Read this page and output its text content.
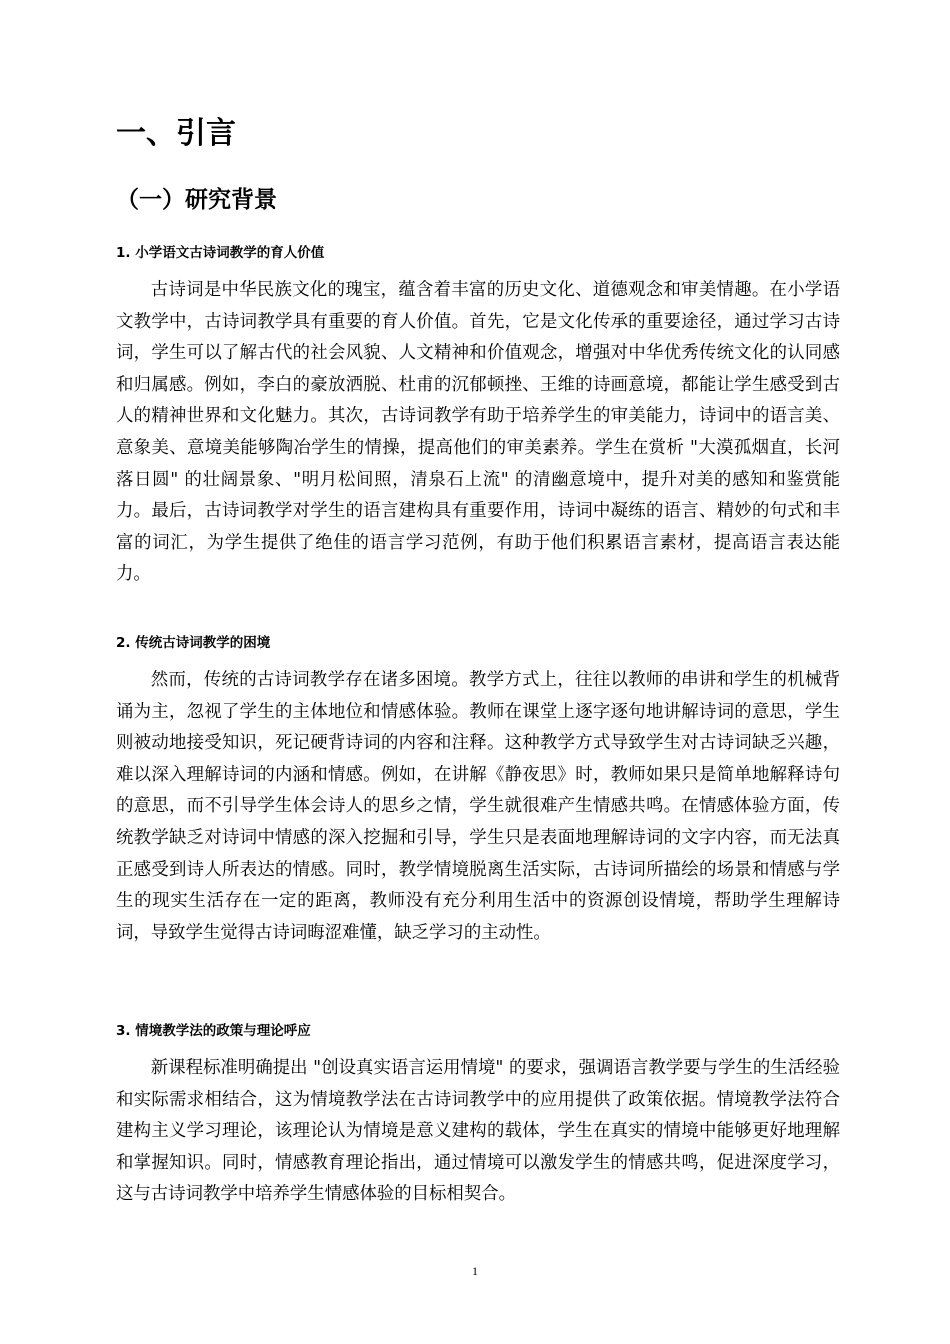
一、引言
（一）研究背景
1. 小学语文古诗词教学的育人价值

古诗词是中华民族文化的瑰宝，蕴含着丰富的历史文化、道德观念和审美情趣。在小学语文教学中，古诗词教学具有重要的育人价值。首先，它是文化传承的重要途径，通过学习古诗词，学生可以了解古代的社会风貌、人文精神和价值观念，增强对中华优秀传统文化的认同感和归属感。例如，李白的豪放洒脱、杜甫的沉郁顿挫、王维的诗画意境，都能让学生感受到古人的精神世界和文化魅力。其次，古诗词教学有助于培养学生的审美能力，诗词中的语言美、意象美、意境美能够陶冶学生的情操，提高他们的审美素养。学生在赏析 "大漠孤烟直，长河落日圆" 的壮阔景象、"明月松间照，清泉石上流" 的清幽意境中，提升对美的感知和鉴赏能力。最后，古诗词教学对学生的语言建构具有重要作用，诗词中凝练的语言、精妙的句式和丰富的词汇，为学生提供了绝佳的语言学习范例，有助于他们积累语言素材，提高语言表达能力。

2. 传统古诗词教学的困境

然而，传统的古诗词教学存在诸多困境。教学方式上，往往以教师的串讲和学生的机械背诵为主，忽视了学生的主体地位和情感体验。教师在课堂上逐字逐句地讲解诗词的意思，学生则被动地接受知识，死记硬背诗词的内容和注释。这种教学方式导致学生对古诗词缺乏兴趣，难以深入理解诗词的内涵和情感。例如，在讲解《静夜思》时，教师如果只是简单地解释诗句的意思，而不引导学生体会诗人的思乡之情，学生就很难产生情感共鸣。在情感体验方面，传统教学缺乏对诗词中情感的深入挖掘和引导，学生只是表面地理解诗词的文字内容，而无法真正感受到诗人所表达的情感。同时，教学情境脱离生活实际，古诗词所描绘的场景和情感与学生的现实生活存在一定的距离，教师没有充分利用生活中的资源创设情境，帮助学生理解诗词，导致学生觉得古诗词晦涩难懂，缺乏学习的主动性。

3. 情境教学法的政策与理论呼应

新课程标准明确提出 "创设真实语言运用情境" 的要求，强调语言教学要与学生的生活经验和实际需求相结合，这为情境教学法在古诗词教学中的应用提供了政策依据。情境教学法符合建构主义学习理论，该理论认为情境是意义建构的载体，学生在真实的情境中能够更好地理解和掌握知识。同时，情感教育理论指出，通过情境可以激发学生的情感共鸣，促进深度学习，这与古诗词教学中培养学生情感体验的目标相契合。

1
